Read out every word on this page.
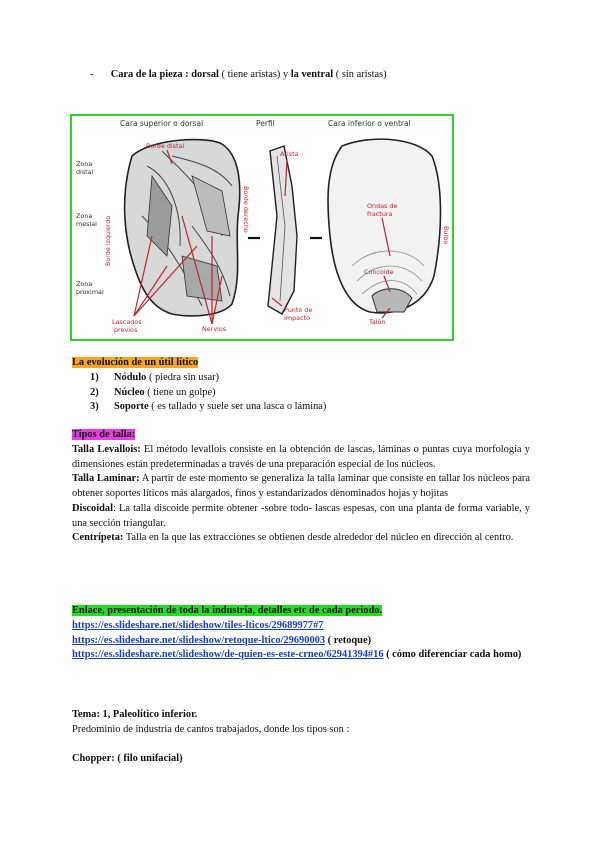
- Cara de la pieza : dorsal ( tiene aristas) y la ventral ( sin aristas)
Cara superior o dorsal	Perfil	Cara inferior o ventral
Zona
distal
Zona
mesial
Zona
proximal
Borde distal
Borde izquierdo
Borde derecho
Lascados
previos	Nervios
Arista
Punto de
Impacto
Ondas de
fractura
Concoide
Talón
Bulbo
La evolución de un útil lítico
1) Nódulo ( piedra sin usar)
2) Núcleo ( tiene un golpe)
3) Soporte ( es tallado y suele ser una lasca o lámina)
Tipos de talla:
Talla Levallois: El método levallois consiste en la obtención de lascas, láminas o puntas cuya morfología y dimensiones están predeterminadas a través de una preparación especial de los núcleos.
Talla Laminar: A partir de este momento se generaliza la talla laminar que consiste en tallar los núcleos para obtener soportes líticos más alargados, finos y estandarizados denominados hojas y hojitas
Discoidal: La talla discoide permite obtener -sobre todo- lascas espesas, con una planta de forma variable, y una sección triangular.
Centrípeta: Talla en la que las extracciones se obtienen desde alrededor del núcleo en dirección al centro.
Enlace, presentación de toda la industria, detalles etc de cada periodo.
https://es.slideshare.net/slideshow/tiles-lticos/29689977#7
https://es.slideshare.net/slideshow/retoque-ltico/29690003 ( retoque)
https://es.slideshare.net/slideshow/de-quien-es-este-crneo/62941394#16 ( cómo diferenciar cada homo)
Tema: 1, Paleolítico inferior.
Predominio de industria de cantos trabajados, donde los tipos son :
Chopper: ( filo unifacial)
